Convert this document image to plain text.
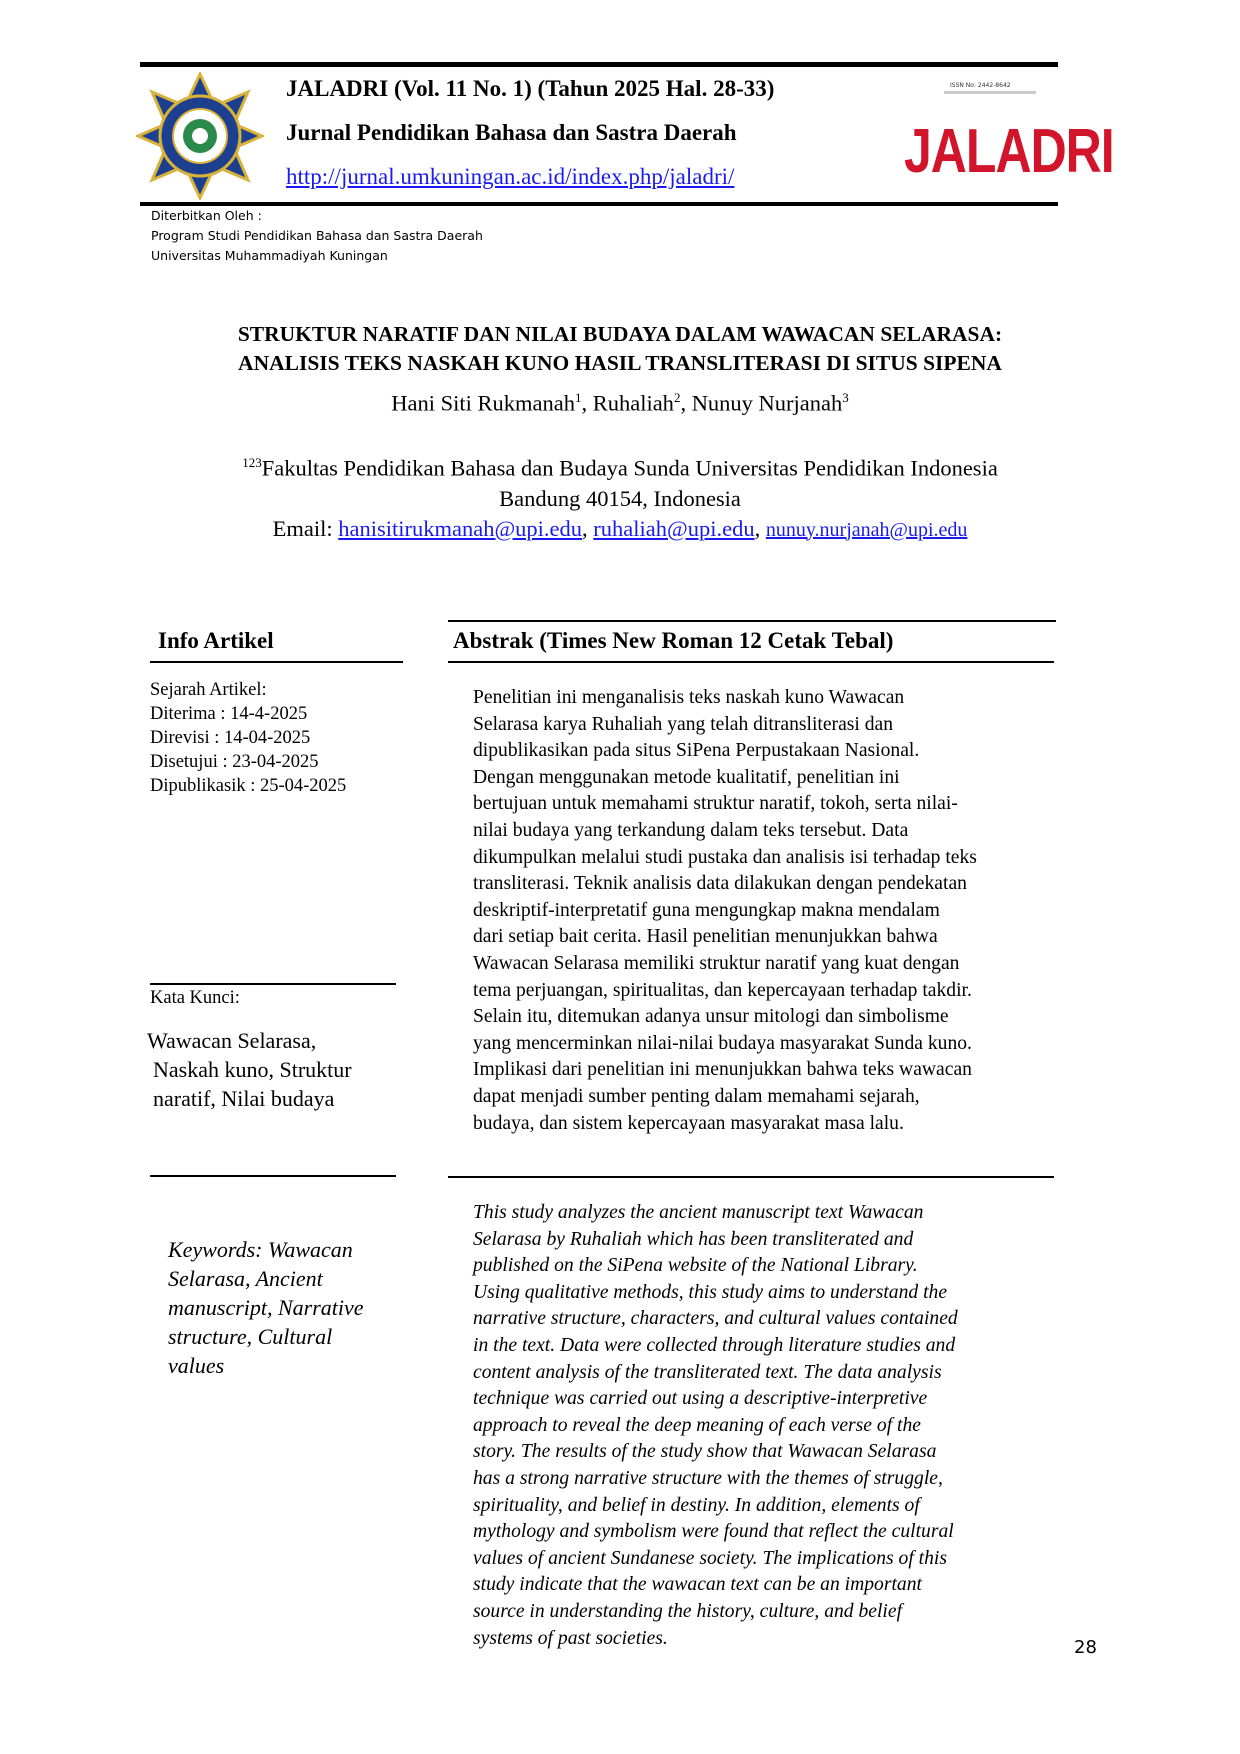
JALADRI (Vol. 11 No. 1) (Tahun 2025 Hal. 28-33)
Jurnal Pendidikan Bahasa dan Sastra Daerah
http://jurnal.umkuningan.ac.id/index.php/jaladri/
ISSN No: 2442-8642
JALADRI
Diterbitkan Oleh :
Program Studi Pendidikan Bahasa dan Sastra Daerah
Universitas Muhammadiyah Kuningan
STRUKTUR NARATIF DAN NILAI BUDAYA DALAM WAWACAN SELARASA:
ANALISIS TEKS NASKAH KUNO HASIL TRANSLITERASI DI SITUS SIPENA
Hani Siti Rukmanah$^1$, Ruhaliah$^2$, Nunuy Nurjanah$^3$
$^{123}$Fakultas Pendidikan Bahasa dan Budaya Sunda Universitas Pendidikan Indonesia
Bandung 40154, Indonesia
Email: hanisitirukmanah@upi.edu, ruhaliah@upi.edu, nunuy.nurjanah@upi.edu
Info Artikel
Sejarah Artikel:
Diterima : 14-4-2025
Direvisi : 14-04-2025
Disetujui : 23-04-2025
Dipublikasik : 25-04-2025
Kata Kunci:
Wawacan Selarasa,
Naskah kuno, Struktur
naratif, Nilai budaya
Keywords: Wawacan
Selarasa, Ancient
manuscript, Narrative
structure, Cultural
values
Abstrak (Times New Roman 12 Cetak Tebal)
Penelitian ini menganalisis teks naskah kuno Wawacan
Selarasa karya Ruhaliah yang telah ditransliterasi dan
dipublikasikan pada situs SiPena Perpustakaan Nasional.
Dengan menggunakan metode kualitatif, penelitian ini
bertujuan untuk memahami struktur naratif, tokoh, serta nilai-
nilai budaya yang terkandung dalam teks tersebut. Data
dikumpulkan melalui studi pustaka dan analisis isi terhadap teks
transliterasi. Teknik analisis data dilakukan dengan pendekatan
deskriptif-interpretatif guna mengungkap makna mendalam
dari setiap bait cerita. Hasil penelitian menunjukkan bahwa
Wawacan Selarasa memiliki struktur naratif yang kuat dengan
tema perjuangan, spiritualitas, dan kepercayaan terhadap takdir.
Selain itu, ditemukan adanya unsur mitologi dan simbolisme
yang mencerminkan nilai-nilai budaya masyarakat Sunda kuno.
Implikasi dari penelitian ini menunjukkan bahwa teks wawacan
dapat menjadi sumber penting dalam memahami sejarah,
budaya, dan sistem kepercayaan masyarakat masa lalu.
This study analyzes the ancient manuscript text Wawacan
Selarasa by Ruhaliah which has been transliterated and
published on the SiPena website of the National Library.
Using qualitative methods, this study aims to understand the
narrative structure, characters, and cultural values contained
in the text. Data were collected through literature studies and
content analysis of the transliterated text. The data analysis
technique was carried out using a descriptive-interpretive
approach to reveal the deep meaning of each verse of the
story. The results of the study show that Wawacan Selarasa
has a strong narrative structure with the themes of struggle,
spirituality, and belief in destiny. In addition, elements of
mythology and symbolism were found that reflect the cultural
values of ancient Sundanese society. The implications of this
study indicate that the wawacan text can be an important
source in understanding the history, culture, and belief
systems of past societies.	28
